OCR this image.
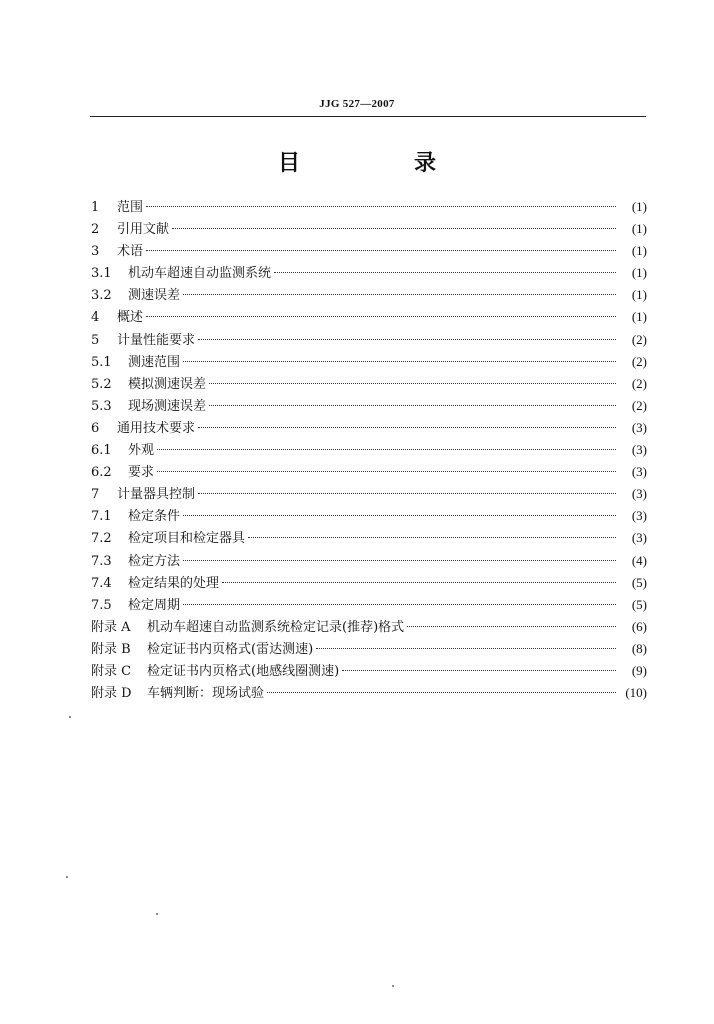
JJG 527—2007
目　录
1	范围	(1)
2	引用文献	(1)
3	术语	(1)
3.1	机动车超速自动监测系统	(1)
3.2	测速误差	(1)
4	概述	(1)
5	计量性能要求	(2)
5.1	测速范围	(2)
5.2	模拟测速误差	(2)
5.3	现场测速误差	(2)
6	通用技术要求	(3)
6.1	外观	(3)
6.2	要求	(3)
7	计量器具控制	(3)
7.1	检定条件	(3)
7.2	检定项目和检定器具	(3)
7.3	检定方法	(4)
7.4	检定结果的处理	(5)
7.5	检定周期	(5)
附录 A	机动车超速自动监测系统检定记录(推荐)格式	(6)
附录 B	检定证书内页格式(雷达测速)	(8)
附录 C	检定证书内页格式(地感线圈测速)	(9)
附录 D	车辆判断：现场试验	(10)
